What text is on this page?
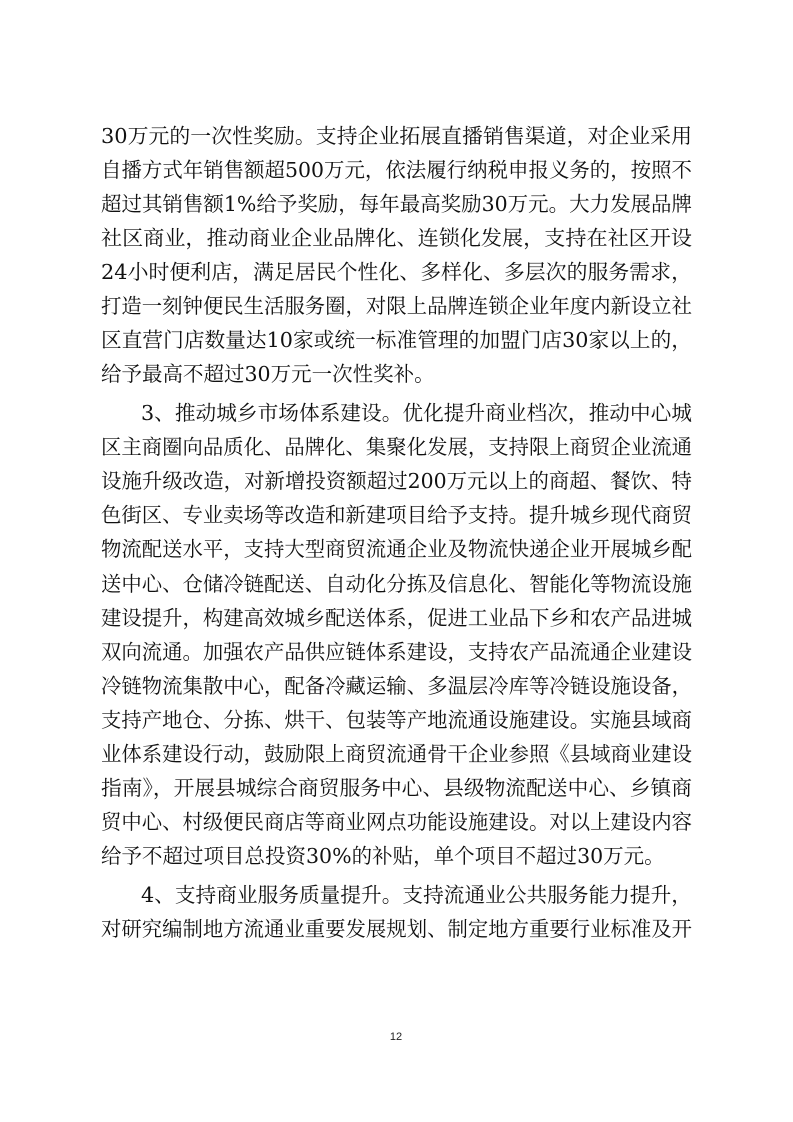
30万元的一次性奖励。支持企业拓展直播销售渠道，对企业采用
自播方式年销售额超500万元，依法履行纳税申报义务的，按照不
超过其销售额1%给予奖励，每年最高奖励30万元。大力发展品牌
社区商业，推动商业企业品牌化、连锁化发展，支持在社区开设
24小时便利店，满足居民个性化、多样化、多层次的服务需求，
打造一刻钟便民生活服务圈，对限上品牌连锁企业年度内新设立社
区直营门店数量达10家或统一标准管理的加盟门店30家以上的，
给予最高不超过30万元一次性奖补。
3、推动城乡市场体系建设。优化提升商业档次，推动中心城
区主商圈向品质化、品牌化、集聚化发展，支持限上商贸企业流通
设施升级改造，对新增投资额超过200万元以上的商超、餐饮、特
色街区、专业卖场等改造和新建项目给予支持。提升城乡现代商贸
物流配送水平，支持大型商贸流通企业及物流快递企业开展城乡配
送中心、仓储冷链配送、自动化分拣及信息化、智能化等物流设施
建设提升，构建高效城乡配送体系，促进工业品下乡和农产品进城
双向流通。加强农产品供应链体系建设，支持农产品流通企业建设
冷链物流集散中心，配备冷藏运输、多温层冷库等冷链设施设备，
支持产地仓、分拣、烘干、包装等产地流通设施建设。实施县域商
业体系建设行动，鼓励限上商贸流通骨干企业参照《县域商业建设
指南》，开展县城综合商贸服务中心、县级物流配送中心、乡镇商
贸中心、村级便民商店等商业网点功能设施建设。对以上建设内容
给予不超过项目总投资30%的补贴，单个项目不超过30万元。
4、支持商业服务质量提升。支持流通业公共服务能力提升，
对研究编制地方流通业重要发展规划、制定地方重要行业标准及开
12
